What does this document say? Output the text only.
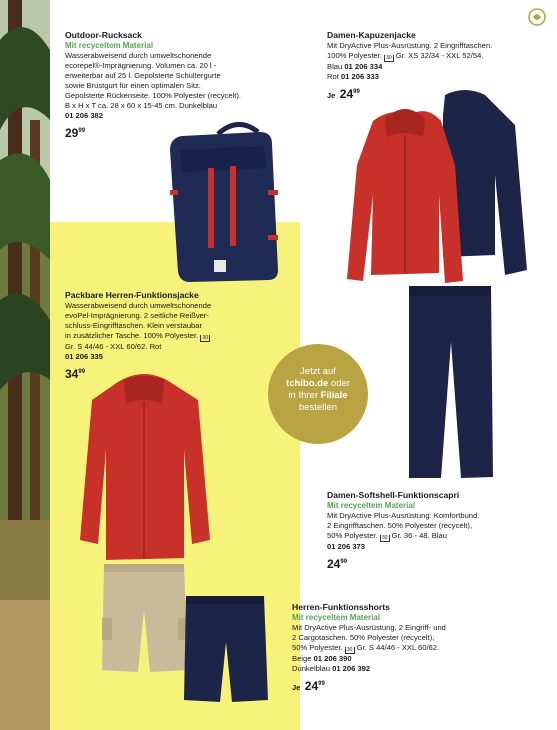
Outdoor-Rucksack
Mit recyceltem Material
Wasserabweisend durch umweltschonende
ecorepel®-Imprägnierung. Volumen ca. 20 l -
erweiterbar auf 25 l. Gepolsterte Schultergurte
sowie Brustgurt für einen optimalen Sitz.
Gepolsterte Rückenseite. 100% Polyester (recycelt).
B x H x T ca. 28 x 60 x 15-45 cm. Dunkelblau
01 206 382
$29^{99}$
Damen-Kapuzenjacke
Mit DryActive Plus-Ausrüstung. 2 Eingrifftaschen.
100% Polyester. 30 Gr. XS 32/34 - XXL 52/54.
Blau 01 206 334
Rot 01 206 333
Je $24^{99}$
Packbare Herren-Funktionsjacke
Wasserabweisend durch umweltschonende
evoPel-Imprägnierung. 2 seitliche Reißver-
schluss-Eingrifftaschen. Klein verstaubar
in zusätzlicher Tasche. 100% Polyester. 30
Gr. S 44/46 - XXL 60/62. Rot
01 206 335
$34^{99}$	Jetzt auf
tchibo.de oder
in Ihrer Filiale
bestellen
Damen-Softshell-Funktionscapri
Mit recyceltem Material
Mit DryActive Plus-Ausrüstung. Komfortbund.
2 Eingrifftaschen. 50% Polyester (recycelt),
50% Polyester. 30 Gr. 36 - 48. Blau
01 206 373
$24^{99}$
Herren-Funktionsshorts
Mit recyceltem Material
Mit DryActive Plus-Ausrüstung. 2 Eingriff- und
2 Cargotaschen. 50% Polyester (recycelt),
50% Polyester. 30 Gr. S 44/46 - XXL 60/62.
Beige 01 206 390
Dunkelblau 01 206 392
Je $24^{99}$
